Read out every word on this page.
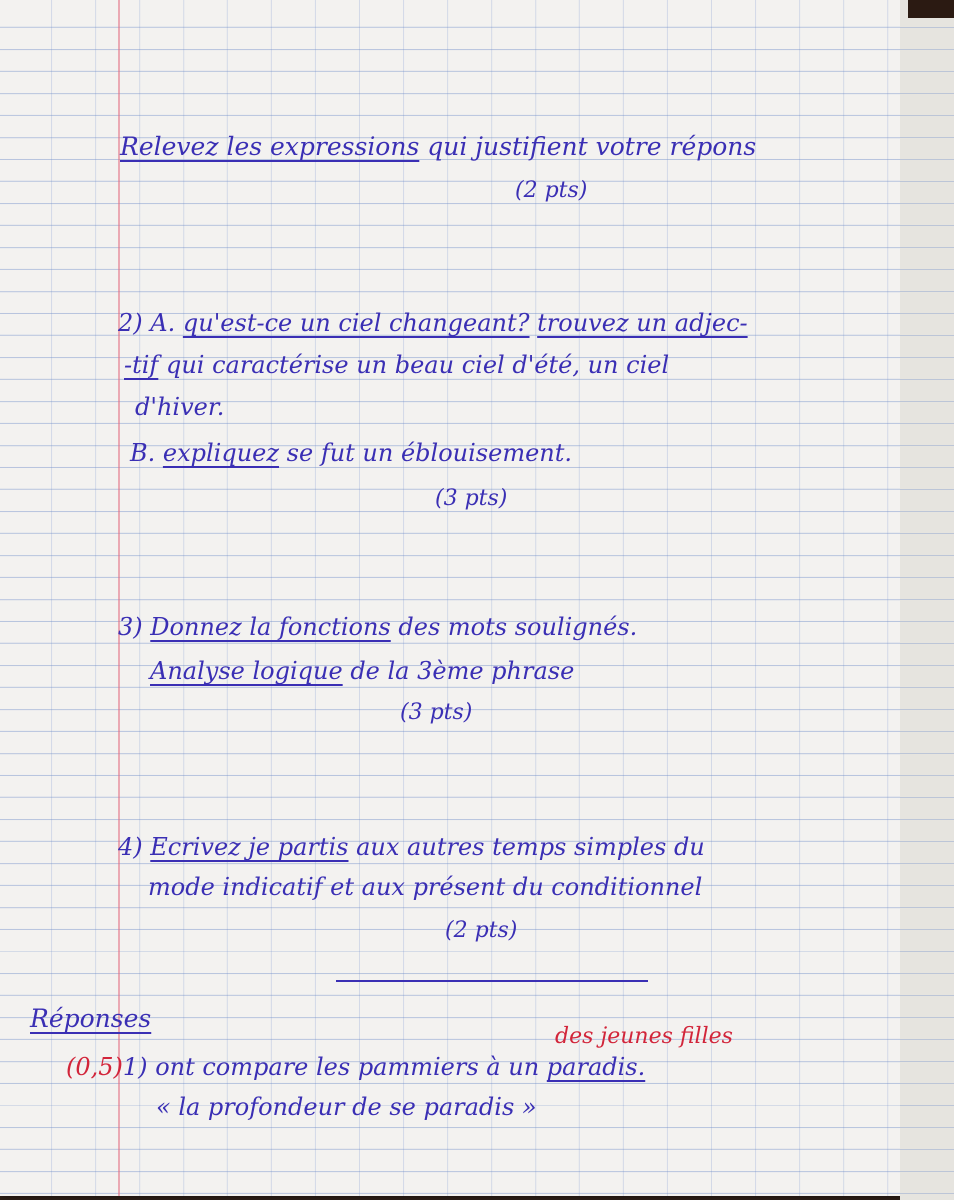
Relevez les expressions qui justifient votre répons
(2 pts)
2) A. qu'est-ce un ciel changeant? trouvez un adjec-
-tif qui caractérise un beau ciel d'été, un ciel
d'hiver.
B. expliquez se fut un éblouisement.
(3 pts)
3) Donnez la fonctions des mots soulignés.
Analyse logique de la 3ème phrase
(3 pts)
4) Ecrivez je partis aux autres temps simples du
mode indicatif et aux présent du conditionnel
(2 pts)
Réponses
des jeunes filles
(0,5)1) ont compare les pammiers à un paradis.
« la profondeur de se paradis »
